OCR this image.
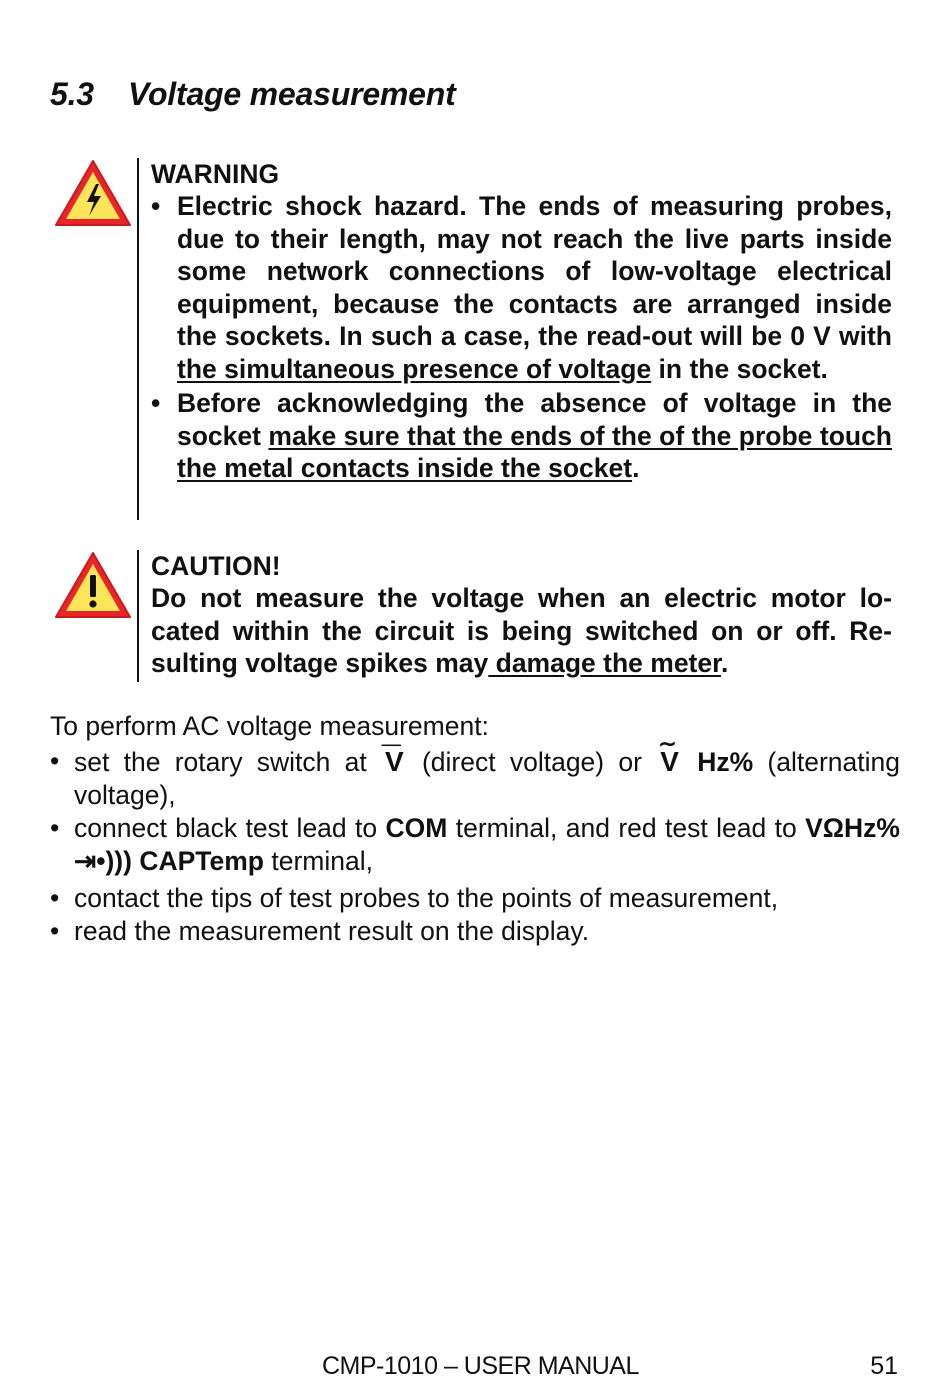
5.3 Voltage measurement
WARNING
• Electric shock hazard. The ends of measuring probes, due to their length, may not reach the live parts inside some network connections of low-voltage electrical equipment, because the contacts are arranged inside the sockets. In such a case, the read-out will be 0 V with the simultaneous presence of voltage in the socket.
• Before acknowledging the absence of voltage in the socket make sure that the ends of the of the probe touch the metal contacts inside the socket.
CAUTION!
Do not measure the voltage when an electric motor lo-cated within the circuit is being switched on or off. Re-sulting voltage spikes may damage the meter.

To perform AC voltage measurement:

• set the rotary switch at −−− V (direct voltage) or ∼ V Hz% (alternating voltage),
• connect black test lead to COM terminal, and red test lead to VΩHz% ⇥•))) CAPTemp terminal,
• contact the tips of test probes to the points of measurement,
• read the measurement result on the display.
CMP-1010 – USER MANUAL	51
